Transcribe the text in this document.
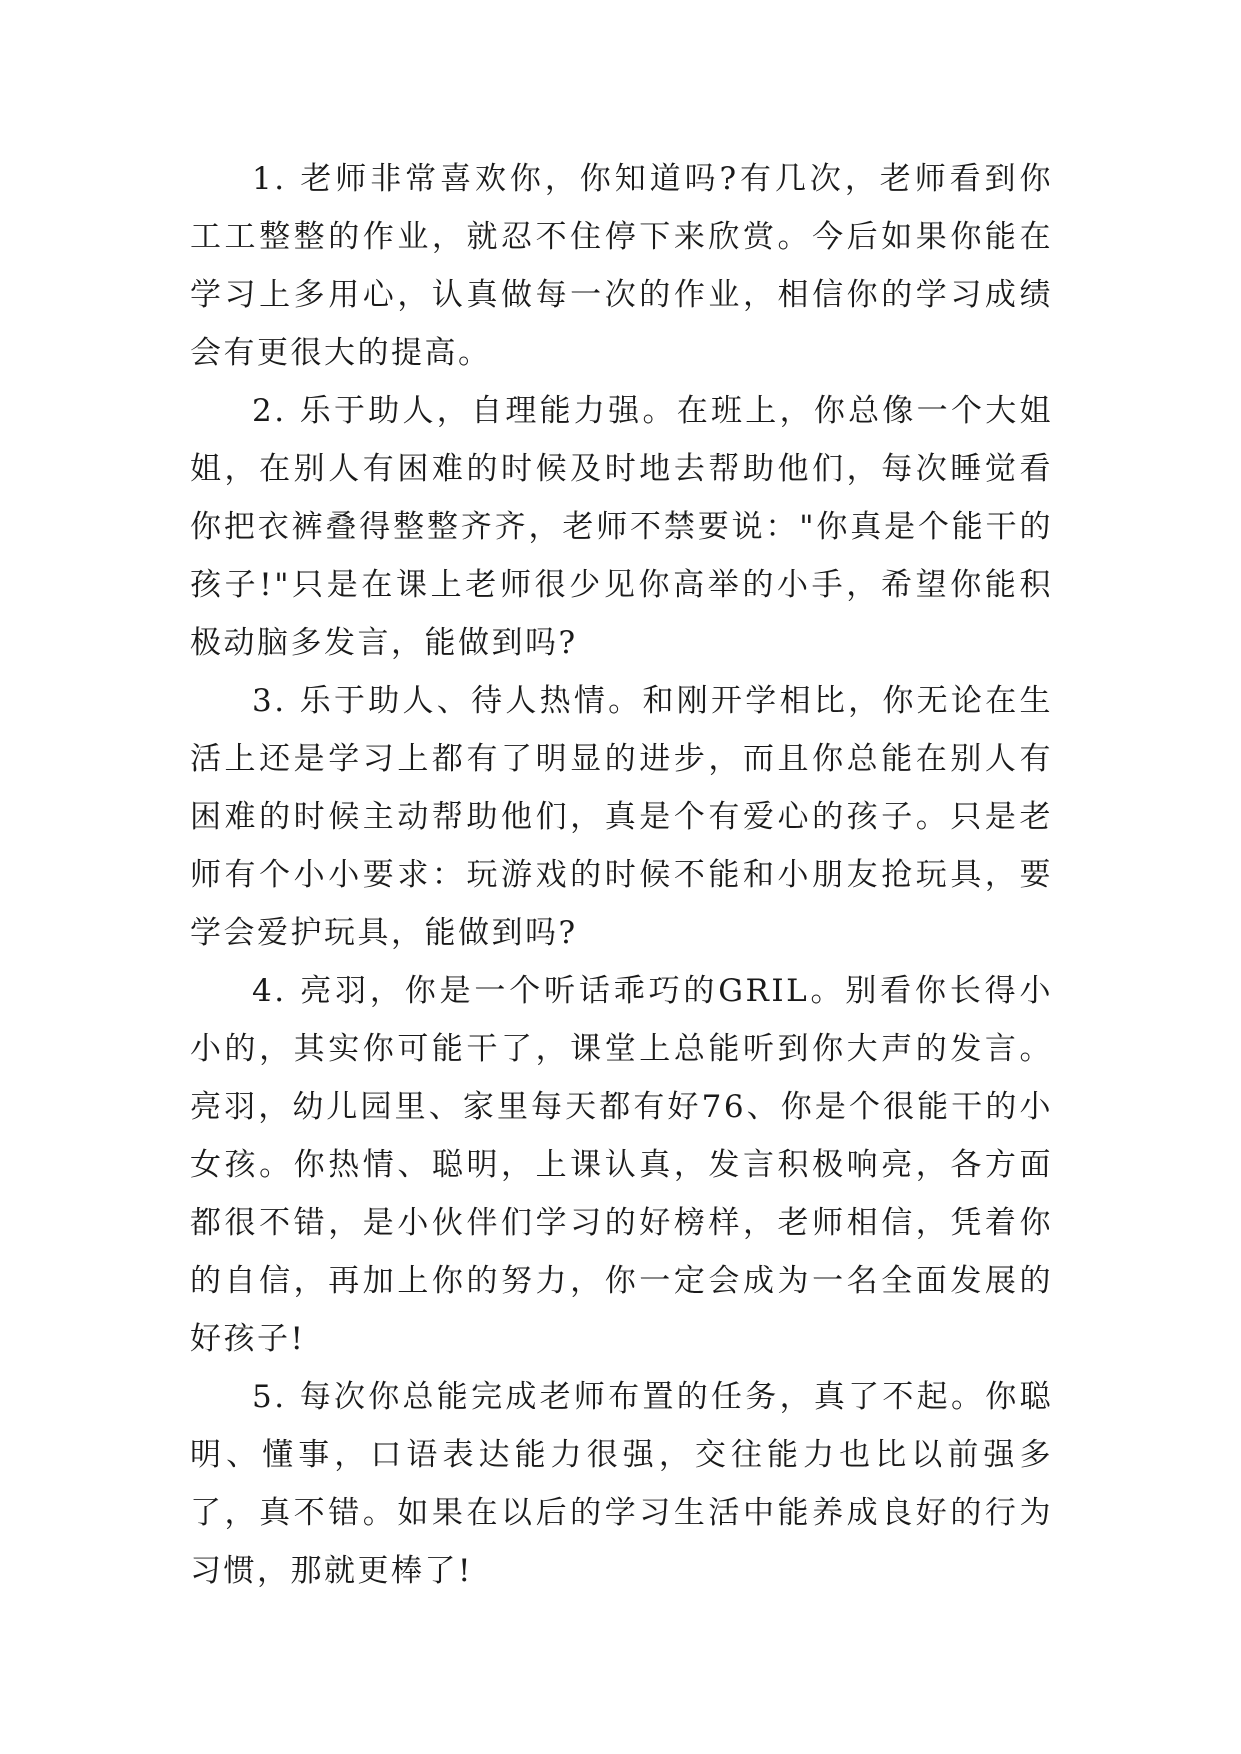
1. 老师非常喜欢你，你知道吗?有几次，老师看到你工工整整的作业，就忍不住停下来欣赏。今后如果你能在学习上多用心，认真做每一次的作业，相信你的学习成绩会有更很大的提高。

2. 乐于助人，自理能力强。在班上，你总像一个大姐姐，在别人有困难的时候及时地去帮助他们，每次睡觉看你把衣裤叠得整整齐齐，老师不禁要说："你真是个能干的孩子!"只是在课上老师很少见你高举的小手，希望你能积极动脑多发言，能做到吗?

3. 乐于助人、待人热情。和刚开学相比，你无论在生活上还是学习上都有了明显的进步，而且你总能在别人有困难的时候主动帮助他们，真是个有爱心的孩子。只是老师有个小小要求：玩游戏的时候不能和小朋友抢玩具，要学会爱护玩具，能做到吗?

4. 亮羽，你是一个听话乖巧的GRIL。别看你长得小小的，其实你可能干了，课堂上总能听到你大声的发言。亮羽，幼儿园里、家里每天都有好76、你是个很能干的小女孩。你热情、聪明，上课认真，发言积极响亮，各方面都很不错，是小伙伴们学习的好榜样，老师相信，凭着你的自信，再加上你的努力，你一定会成为一名全面发展的好孩子!

5. 每次你总能完成老师布置的任务，真了不起。你聪明、懂事，口语表达能力很强，交往能力也比以前强多了，真不错。如果在以后的学习生活中能养成良好的行为习惯，那就更棒了!
